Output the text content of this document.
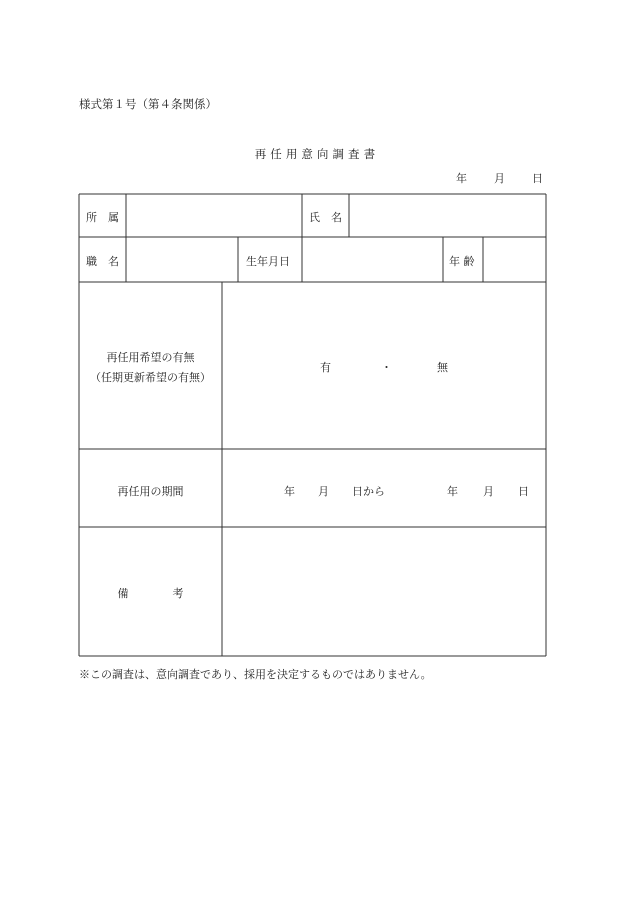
様式第１号（第４条関係）
再 任 用 意 向 調 査 書
年 月 日
所　属	氏　名
職　名	生年月日	年 齢
再任用希望の有無
（任期更新希望の有無）
有	・	無
再任用の期間	年 月 日から	年 月 日
備　　　　考
※この調査は、意向調査であり、採用を決定するものではありません。
